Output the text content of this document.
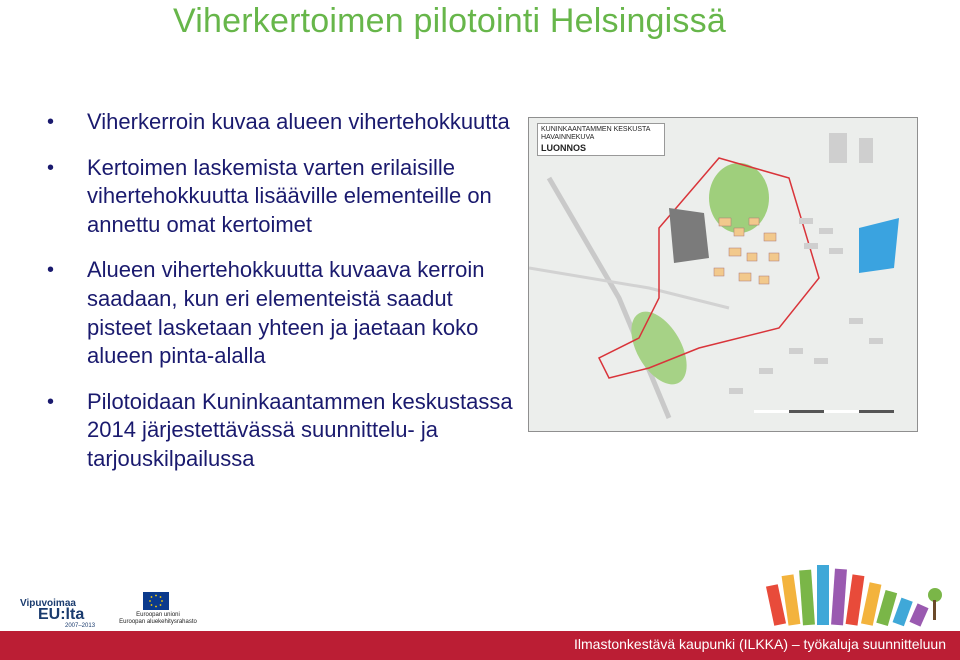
Viherkertoimen pilotointi Helsingissä
• Viherkerroin kuvaa alueen vihertehokkuutta
• Kertoimen laskemista varten erilaisille vihertehokkuutta lisääville elementeille on annettu omat kertoimet
• Alueen vihertehokkuutta kuvaava kerroin saadaan, kun eri elementeistä saadut pisteet lasketaan yhteen ja jaetaan koko alueen pinta-alalla
• Pilotoidaan Kuninkaantammen keskustassa 2014 järjestettävässä suunnittelu- ja tarjouskilpailussa
KUNINKAANTAMMEN KESKUSTA
HAVAINNEKUVA
LUONNOS
Vipuvoimaa
EU:lta
2007–2013
Euroopan unioni
Euroopan aluekehitysrahasto
Ilmastonkestävä kaupunki (ILKKA) – työkaluja suunnitteluun
